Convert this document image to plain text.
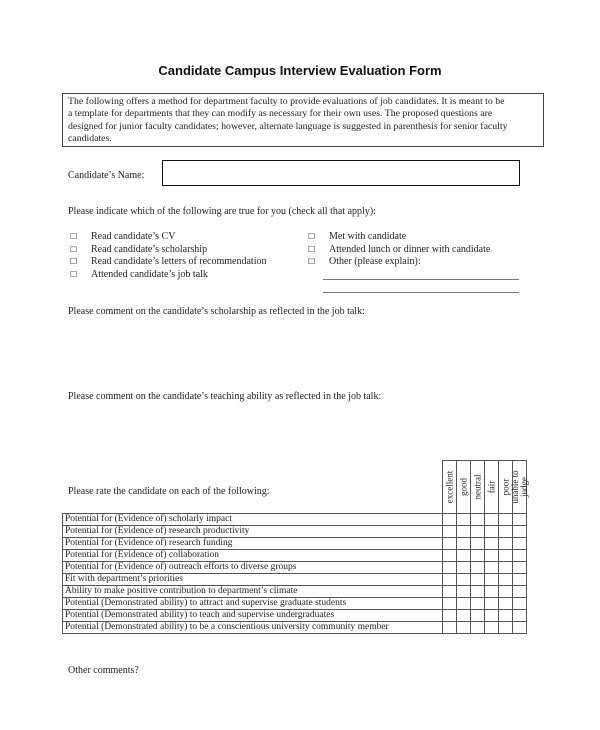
Candidate Campus Interview Evaluation Form
The following offers a method for department faculty to provide evaluations of job candidates. It is meant to be
a template for departments that they can modify as necessary for their own uses. The proposed questions are
designed for junior faculty candidates; however, alternate language is suggested in parenthesis for senior faculty
candidates.
Candidate’s Name:
Please indicate which of the following are true for you (check all that apply):
☐ Read candidate’s CV
☐ Read candidate’s scholarship
☐ Read candidate’s letters of recommendation
☐ Attended candidate’s job talk
☐ Met with candidate
☐ Attended lunch or dinner with candidate
☐ Other (please explain):
Please comment on the candidate’s scholarship as reflected in the job talk:
Please comment on the candidate’s teaching ability as reflected in the job talk:
Please rate the candidate on each of the following:

	excellent	good	neutral	fair	poor	unable to judge

Potential for (Evidence of) scholarly impact						
Potential for (Evidence of) research productivity						
Potential for (Evidence of) research funding						
Potential for (Evidence of) collaboration						
Potential for (Evidence of) outreach efforts to diverse groups						
Fit with department’s priorities						
Ability to make positive contribution to department’s climate						
Potential (Demonstrated ability) to attract and supervise graduate students						
Potential (Demonstrated ability) to teach and supervise undergraduates						
Potential (Demonstrated ability) to be a conscientious university community member						
Other comments?
